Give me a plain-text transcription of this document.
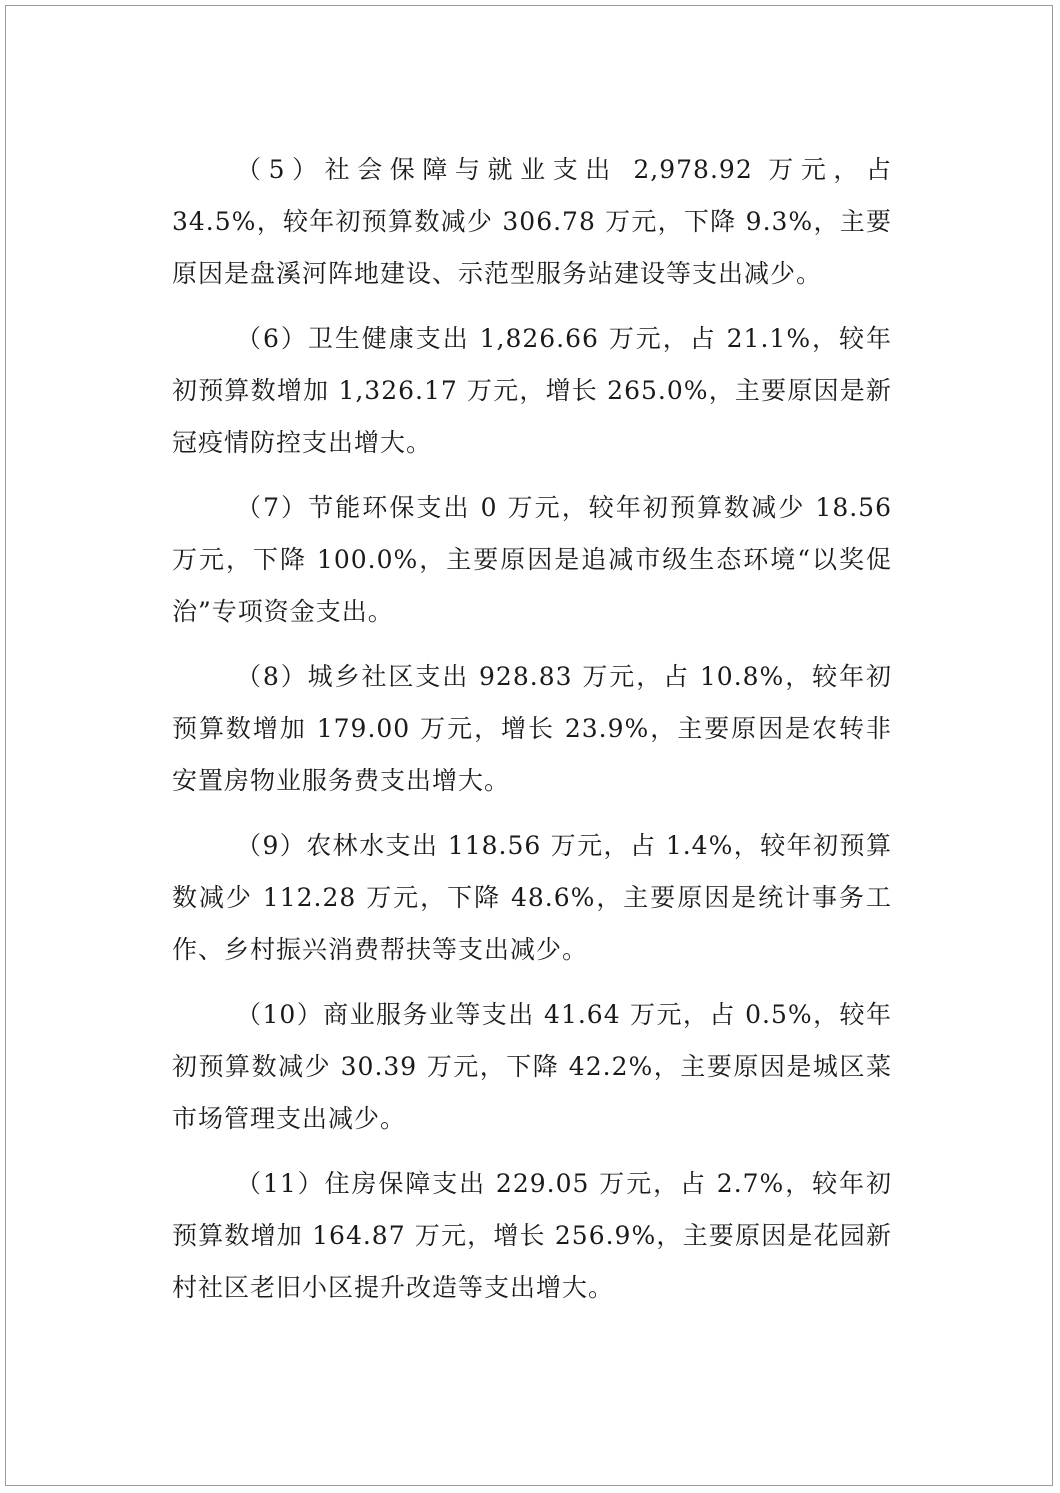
（5）社会保障与就业支出 2,978.92 万元，占 34.5%，较年初预算数减少 306.78 万元，下降 9.3%，主要原因是盘溪河阵地建设、示范型服务站建设等支出减少。

（6）卫生健康支出 1,826.66 万元，占 21.1%，较年初预算数增加 1,326.17 万元，增长 265.0%，主要原因是新冠疫情防控支出增大。

（7）节能环保支出 0 万元，较年初预算数减少 18.56 万元，下降 100.0%，主要原因是追减市级生态环境“以奖促治”专项资金支出。

（8）城乡社区支出 928.83 万元，占 10.8%，较年初预算数增加 179.00 万元，增长 23.9%，主要原因是农转非安置房物业服务费支出增大。

（9）农林水支出 118.56 万元，占 1.4%，较年初预算数减少 112.28 万元，下降 48.6%，主要原因是统计事务工作、乡村振兴消费帮扶等支出减少。

（10）商业服务业等支出 41.64 万元，占 0.5%，较年初预算数减少 30.39 万元，下降 42.2%，主要原因是城区菜市场管理支出减少。

（11）住房保障支出 229.05 万元，占 2.7%，较年初预算数增加 164.87 万元，增长 256.9%，主要原因是花园新村社区老旧小区提升改造等支出增大。
